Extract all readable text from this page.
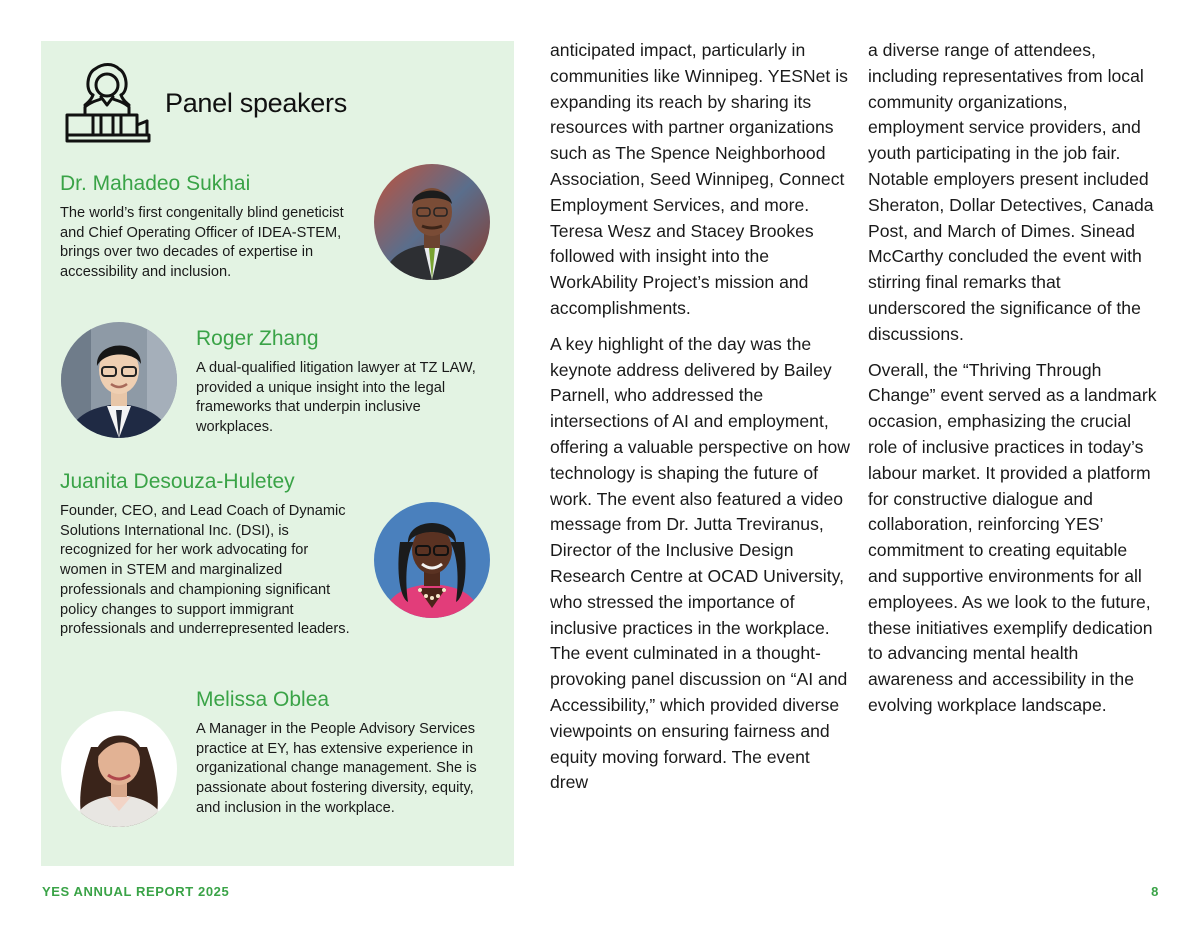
Panel speakers
Dr. Mahadeo Sukhai
The world’s first congenitally blind geneticist and Chief Operating Officer of IDEA-STEM, brings over two decades of expertise in accessibility and inclusion.
Roger Zhang
A dual-qualified litigation lawyer at TZ LAW, provided a unique insight into the legal frameworks that underpin inclusive workplaces.
Juanita Desouza-Huletey
Founder, CEO, and Lead Coach of Dynamic Solutions International Inc. (DSI), is recognized for her work advocating for women in STEM and marginalized professionals and championing significant policy changes to support immigrant professionals and underrepresented leaders.
Melissa Oblea
A Manager in the People Advisory Services practice at EY, has extensive experience in organizational change management. She is passionate about fostering diversity, equity, and inclusion in the workplace.

anticipated impact, particularly in communities like Winnipeg. YESNet is expanding its reach by sharing its resources with partner organizations such as The Spence Neighborhood Association, Seed Winnipeg, Connect Employment Services, and more. Teresa Wesz and Stacey Brookes followed with insight into the WorkAbility Project’s mission and accomplishments.

A key highlight of the day was the keynote address delivered by Bailey Parnell, who addressed the intersections of AI and employment, offering a valuable perspective on how technology is shaping the future of work. The event also featured a video message from Dr. Jutta Treviranus, Director of the Inclusive Design Research Centre at OCAD University, who stressed the importance of inclusive practices in the workplace. The event culminated in a thought-provoking panel discussion on “AI and Accessibility,” which provided diverse viewpoints on ensuring fairness and equity moving forward. The event drew

a diverse range of attendees, including representatives from local community organizations, employment service providers, and youth participating in the job fair. Notable employers present included Sheraton, Dollar Detectives, Canada Post, and March of Dimes. Sinead McCarthy concluded the event with stirring final remarks that underscored the significance of the discussions.

Overall, the “Thriving Through Change” event served as a landmark occasion, emphasizing the crucial role of inclusive practices in today’s labour market. It provided a platform for constructive dialogue and collaboration, reinforcing YES’ commitment to creating equitable and supportive environments for all employees. As we look to the future, these initiatives exemplify dedication to advancing mental health awareness and accessibility in the evolving workplace landscape.

YES ANNUAL REPORT 2025	8
